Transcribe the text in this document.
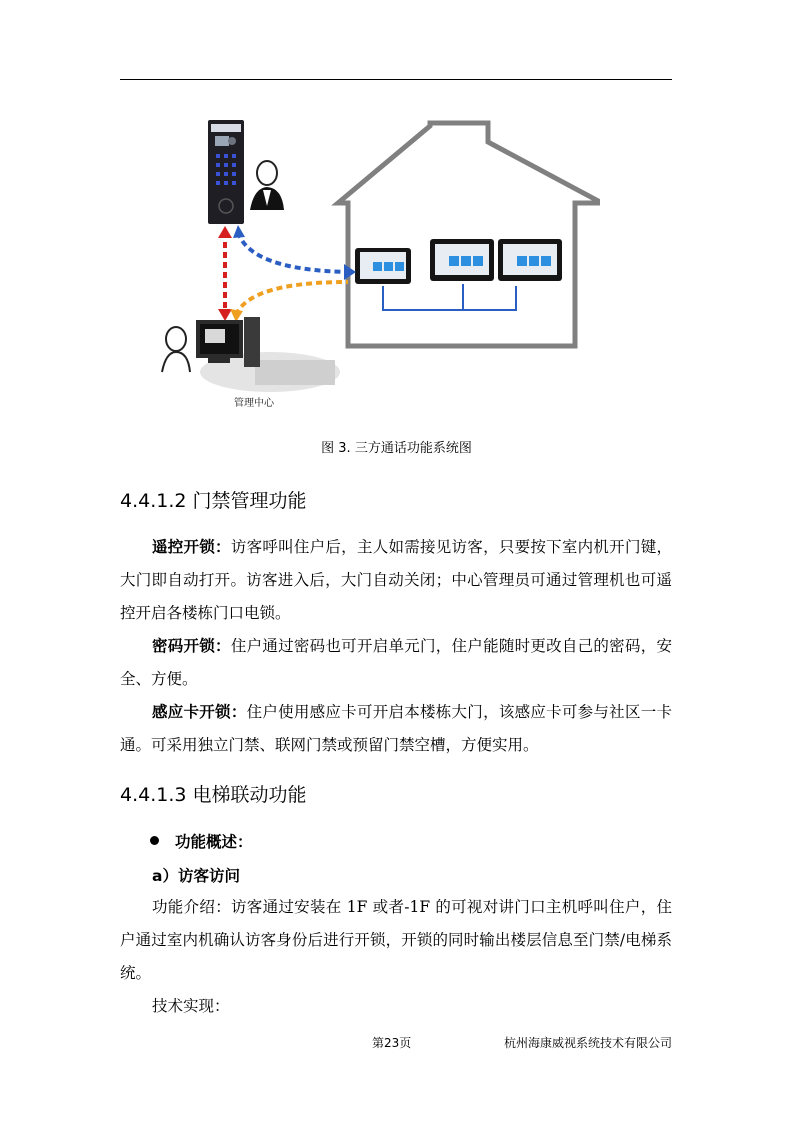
管理中心
图 3. 三方通话功能系统图
4.4.1.2 门禁管理功能

遥控开锁：访客呼叫住户后，主人如需接见访客，只要按下室内机开门键，大门即自动打开。访客进入后，大门自动关闭；中心管理员可通过管理机也可遥控开启各楼栋门口电锁。

密码开锁：住户通过密码也可开启单元门，住户能随时更改自己的密码，安全、方便。

感应卡开锁：住户使用感应卡可开启本楼栋大门，该感应卡可参与社区一卡通。可采用独立门禁、联网门禁或预留门禁空槽，方便实用。

4.4.1.3 电梯联动功能
功能概述：
a）访客访问

功能介绍：访客通过安装在 1F 或者-1F 的可视对讲门口主机呼叫住户，住户通过室内机确认访客身份后进行开锁，开锁的同时输出楼层信息至门禁/电梯系统。

技术实现：

第23页	杭州海康威视系统技术有限公司
